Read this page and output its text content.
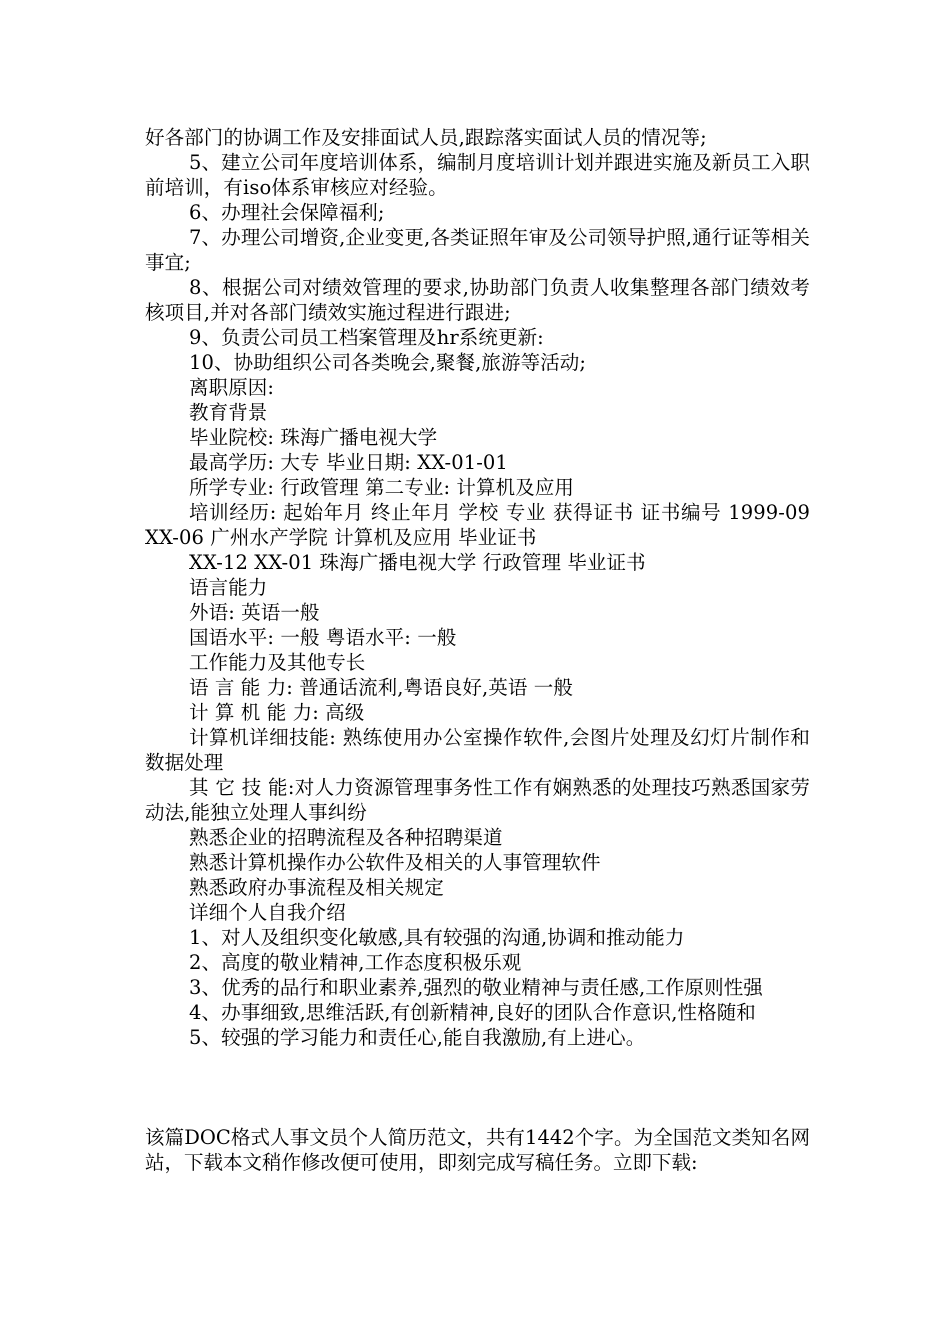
好各部门的协调工作及安排面试人员,跟踪落实面试人员的情况等;

5、建立公司年度培训体系，编制月度培训计划并跟进实施及新员工入职前培训，有iso体系审核应对经验。

6、办理社会保障福利;

7、办理公司增资,企业变更,各类证照年审及公司领导护照,通行证等相关事宜;

8、根据公司对绩效管理的要求,协助部门负责人收集整理各部门绩效考核项目,并对各部门绩效实施过程进行跟进;

9、负责公司员工档案管理及hr系统更新:

10、协助组织公司各类晚会,聚餐,旅游等活动;

离职原因:

教育背景

毕业院校: 珠海广播电视大学

最高学历: 大专 毕业日期: XX-01-01

所学专业: 行政管理 第二专业: 计算机及应用

培训经历: 起始年月 终止年月 学校 专业 获得证书 证书编号 1999-09 XX-06 广州水产学院 计算机及应用 毕业证书

XX-12 XX-01 珠海广播电视大学 行政管理 毕业证书

语言能力

外语: 英语一般

国语水平: 一般 粤语水平: 一般

工作能力及其他专长

语 言 能 力: 普通话流利,粤语良好,英语 一般

计 算 机 能 力: 高级

计算机详细技能: 熟练使用办公室操作软件,会图片处理及幻灯片制作和数据处理

其 它 技 能:对人力资源管理事务性工作有娴熟悉的处理技巧熟悉国家劳动法,能独立处理人事纠纷

熟悉企业的招聘流程及各种招聘渠道

熟悉计算机操作办公软件及相关的人事管理软件

熟悉政府办事流程及相关规定

详细个人自我介绍

1、对人及组织变化敏感,具有较强的沟通,协调和推动能力

2、高度的敬业精神,工作态度积极乐观

3、优秀的品行和职业素养,强烈的敬业精神与责任感,工作原则性强

4、办事细致,思维活跃,有创新精神,良好的团队合作意识,性格随和

5、较强的学习能力和责任心,能自我激励,有上进心。

该篇DOC格式人事文员个人简历范文，共有1442个字。为全国范文类知名网站，下载本文稍作修改便可使用，即刻完成写稿任务。立即下载:
